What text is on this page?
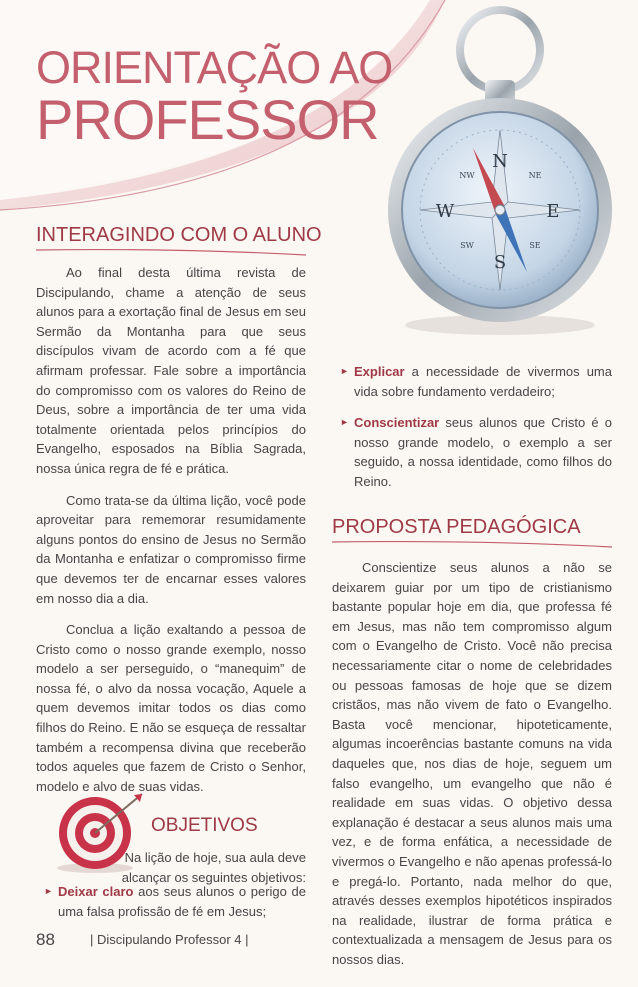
ORIENTAÇÃO AO
PROFESSOR
N
S
E
W
NE
NW
SE
SW
INTERAGINDO COM O ALUNO

Ao final desta última revista de Discipulando, chame a atenção de seus alunos para a exortação final de Jesus em seu Sermão da Montanha para que seus discípulos vivam de acordo com a fé que afirmam professar. Fale sobre a importância do compromisso com os valores do Reino de Deus, sobre a importância de ter uma vida totalmente orientada pelos princípios do Evangelho, esposados na Bíblia Sagrada, nossa única regra de fé e prática.

Como trata-se da última lição, você pode aproveitar para rememorar resumidamente alguns pontos do ensino de Jesus no Sermão da Montanha e enfatizar o compromisso firme que devemos ter de encarnar esses valores em nosso dia a dia.

Conclua a lição exaltando a pessoa de Cristo como o nosso grande exemplo, nosso modelo a ser perseguido, o “manequim” de nossa fé, o alvo da nossa vocação, Aquele a quem devemos imitar todos os dias como filhos do Reino. E não se esqueça de ressaltar também a recompensa divina que receberão todos aqueles que fazem de Cristo o Senhor, modelo e alvo de suas vidas.

OBJETIVOS
Na lição de hoje, sua aula deve alcançar os seguintes objetivos:
► Deixar claro aos seus alunos o perigo de uma falsa profissão de fé em Jesus;
► Explicar a necessidade de vivermos uma vida sobre fundamento verdadeiro;
► Conscientizar seus alunos que Cristo é o nosso grande modelo, o exemplo a ser seguido, a nossa identidade, como filhos do Reino.
PROPOSTA PEDAGÓGICA

Conscientize seus alunos a não se deixarem guiar por um tipo de cristianismo bastante popular hoje em dia, que professa fé em Jesus, mas não tem compromisso algum com o Evangelho de Cristo. Você não precisa necessariamente citar o nome de celebridades ou pessoas famosas de hoje que se dizem cristãos, mas não vivem de fato o Evangelho. Basta você mencionar, hipoteticamente, algumas incoerências bastante comuns na vida daqueles que, nos dias de hoje, seguem um falso evangelho, um evangelho que não é realidade em suas vidas. O objetivo dessa explanação é destacar a seus alunos mais uma vez, e de forma enfática, a necessidade de vivermos o Evangelho e não apenas professá-lo e pregá-lo. Portanto, nada melhor do que, através desses exemplos hipotéticos inspirados na realidade, ilustrar de forma prática e contextualizada a mensagem de Jesus para os nossos dias.

88	| Discipulando Professor 4 |
